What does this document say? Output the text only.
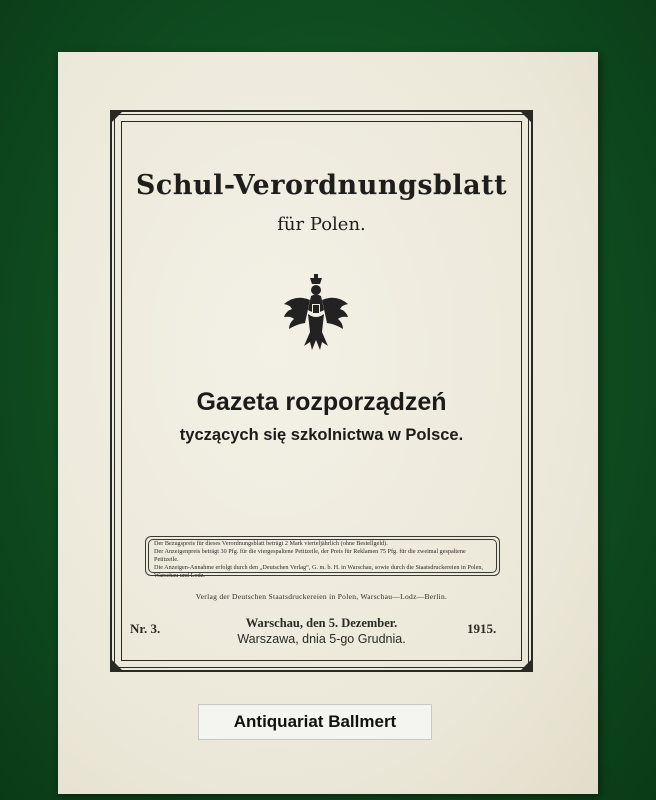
Schul-Verordnungsblatt
für Polen.
Gazeta rozporządzeń
tyczących się szkolnictwa w Polsce.

Der Bezugspreis für dieses Verordnungsblatt beträgt 2 Mark vierteljährlich (ohne Bestellgeld).

Der Anzeigenpreis beträgt 30 Pfg. für die viergespaltene Petitzeile, der Preis für Reklamen 75 Pfg. für die zweimal gespaltene Petitzeile.

Die Anzeigen-Annahme erfolgt durch den „Deutschen Verlag“, G. m. b. H. in Warschau, sowie durch die Staatsdruckereien in Polen, Warschau und Lodz.

Verlag der Deutschen Staatsdruckereien in Polen, Warschau—Lodz—Berlin.
Nr. 3.	Warschau, den 5. Dezember.	1915.
Warszawa, dnia 5-go Grudnia.
Antiquariat Ballmert
